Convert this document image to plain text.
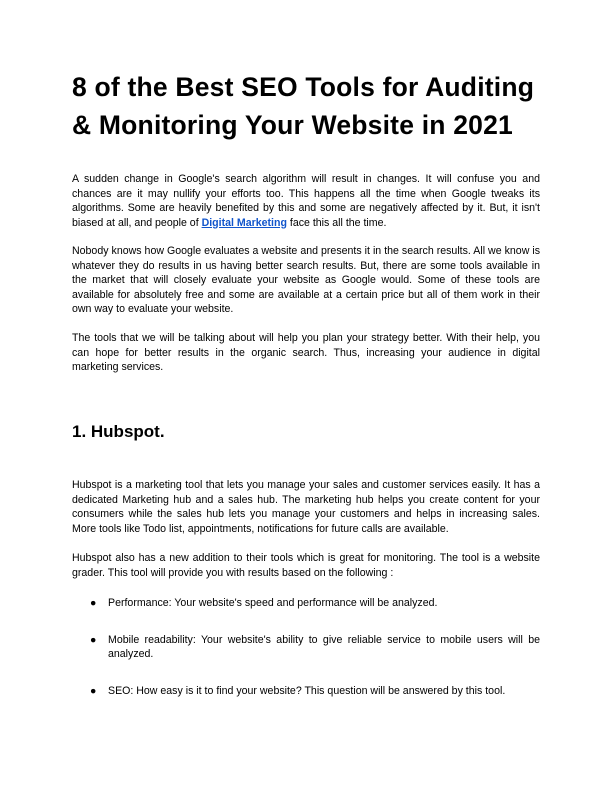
8 of the Best SEO Tools for Auditing & Monitoring Your Website in 2021

A sudden change in Google's search algorithm will result in changes. It will confuse you and chances are it may nullify your efforts too. This happens all the time when Google tweaks its algorithms. Some are heavily benefited by this and some are negatively affected by it. But, it isn't biased at all, and people of Digital Marketing face this all the time.

Nobody knows how Google evaluates a website and presents it in the search results. All we know is whatever they do results in us having better search results. But, there are some tools available in the market that will closely evaluate your website as Google would. Some of these tools are available for absolutely free and some are available at a certain price but all of them work in their own way to evaluate your website.

The tools that we will be talking about will help you plan your strategy better. With their help, you can hope for better results in the organic search. Thus, increasing your audience in digital marketing services.

1. Hubspot.

Hubspot is a marketing tool that lets you manage your sales and customer services easily. It has a dedicated Marketing hub and a sales hub. The marketing hub helps you create content for your consumers while the sales hub lets you manage your customers and helps in increasing sales. More tools like Todo list, appointments, notifications for future calls are available.

Hubspot also has a new addition to their tools which is great for monitoring. The tool is a website grader. This tool will provide you with results based on the following :

● Performance: Your website's speed and performance will be analyzed.
● Mobile readability: Your website's ability to give reliable service to mobile users will be analyzed.
● SEO: How easy is it to find your website? This question will be answered by this tool.
